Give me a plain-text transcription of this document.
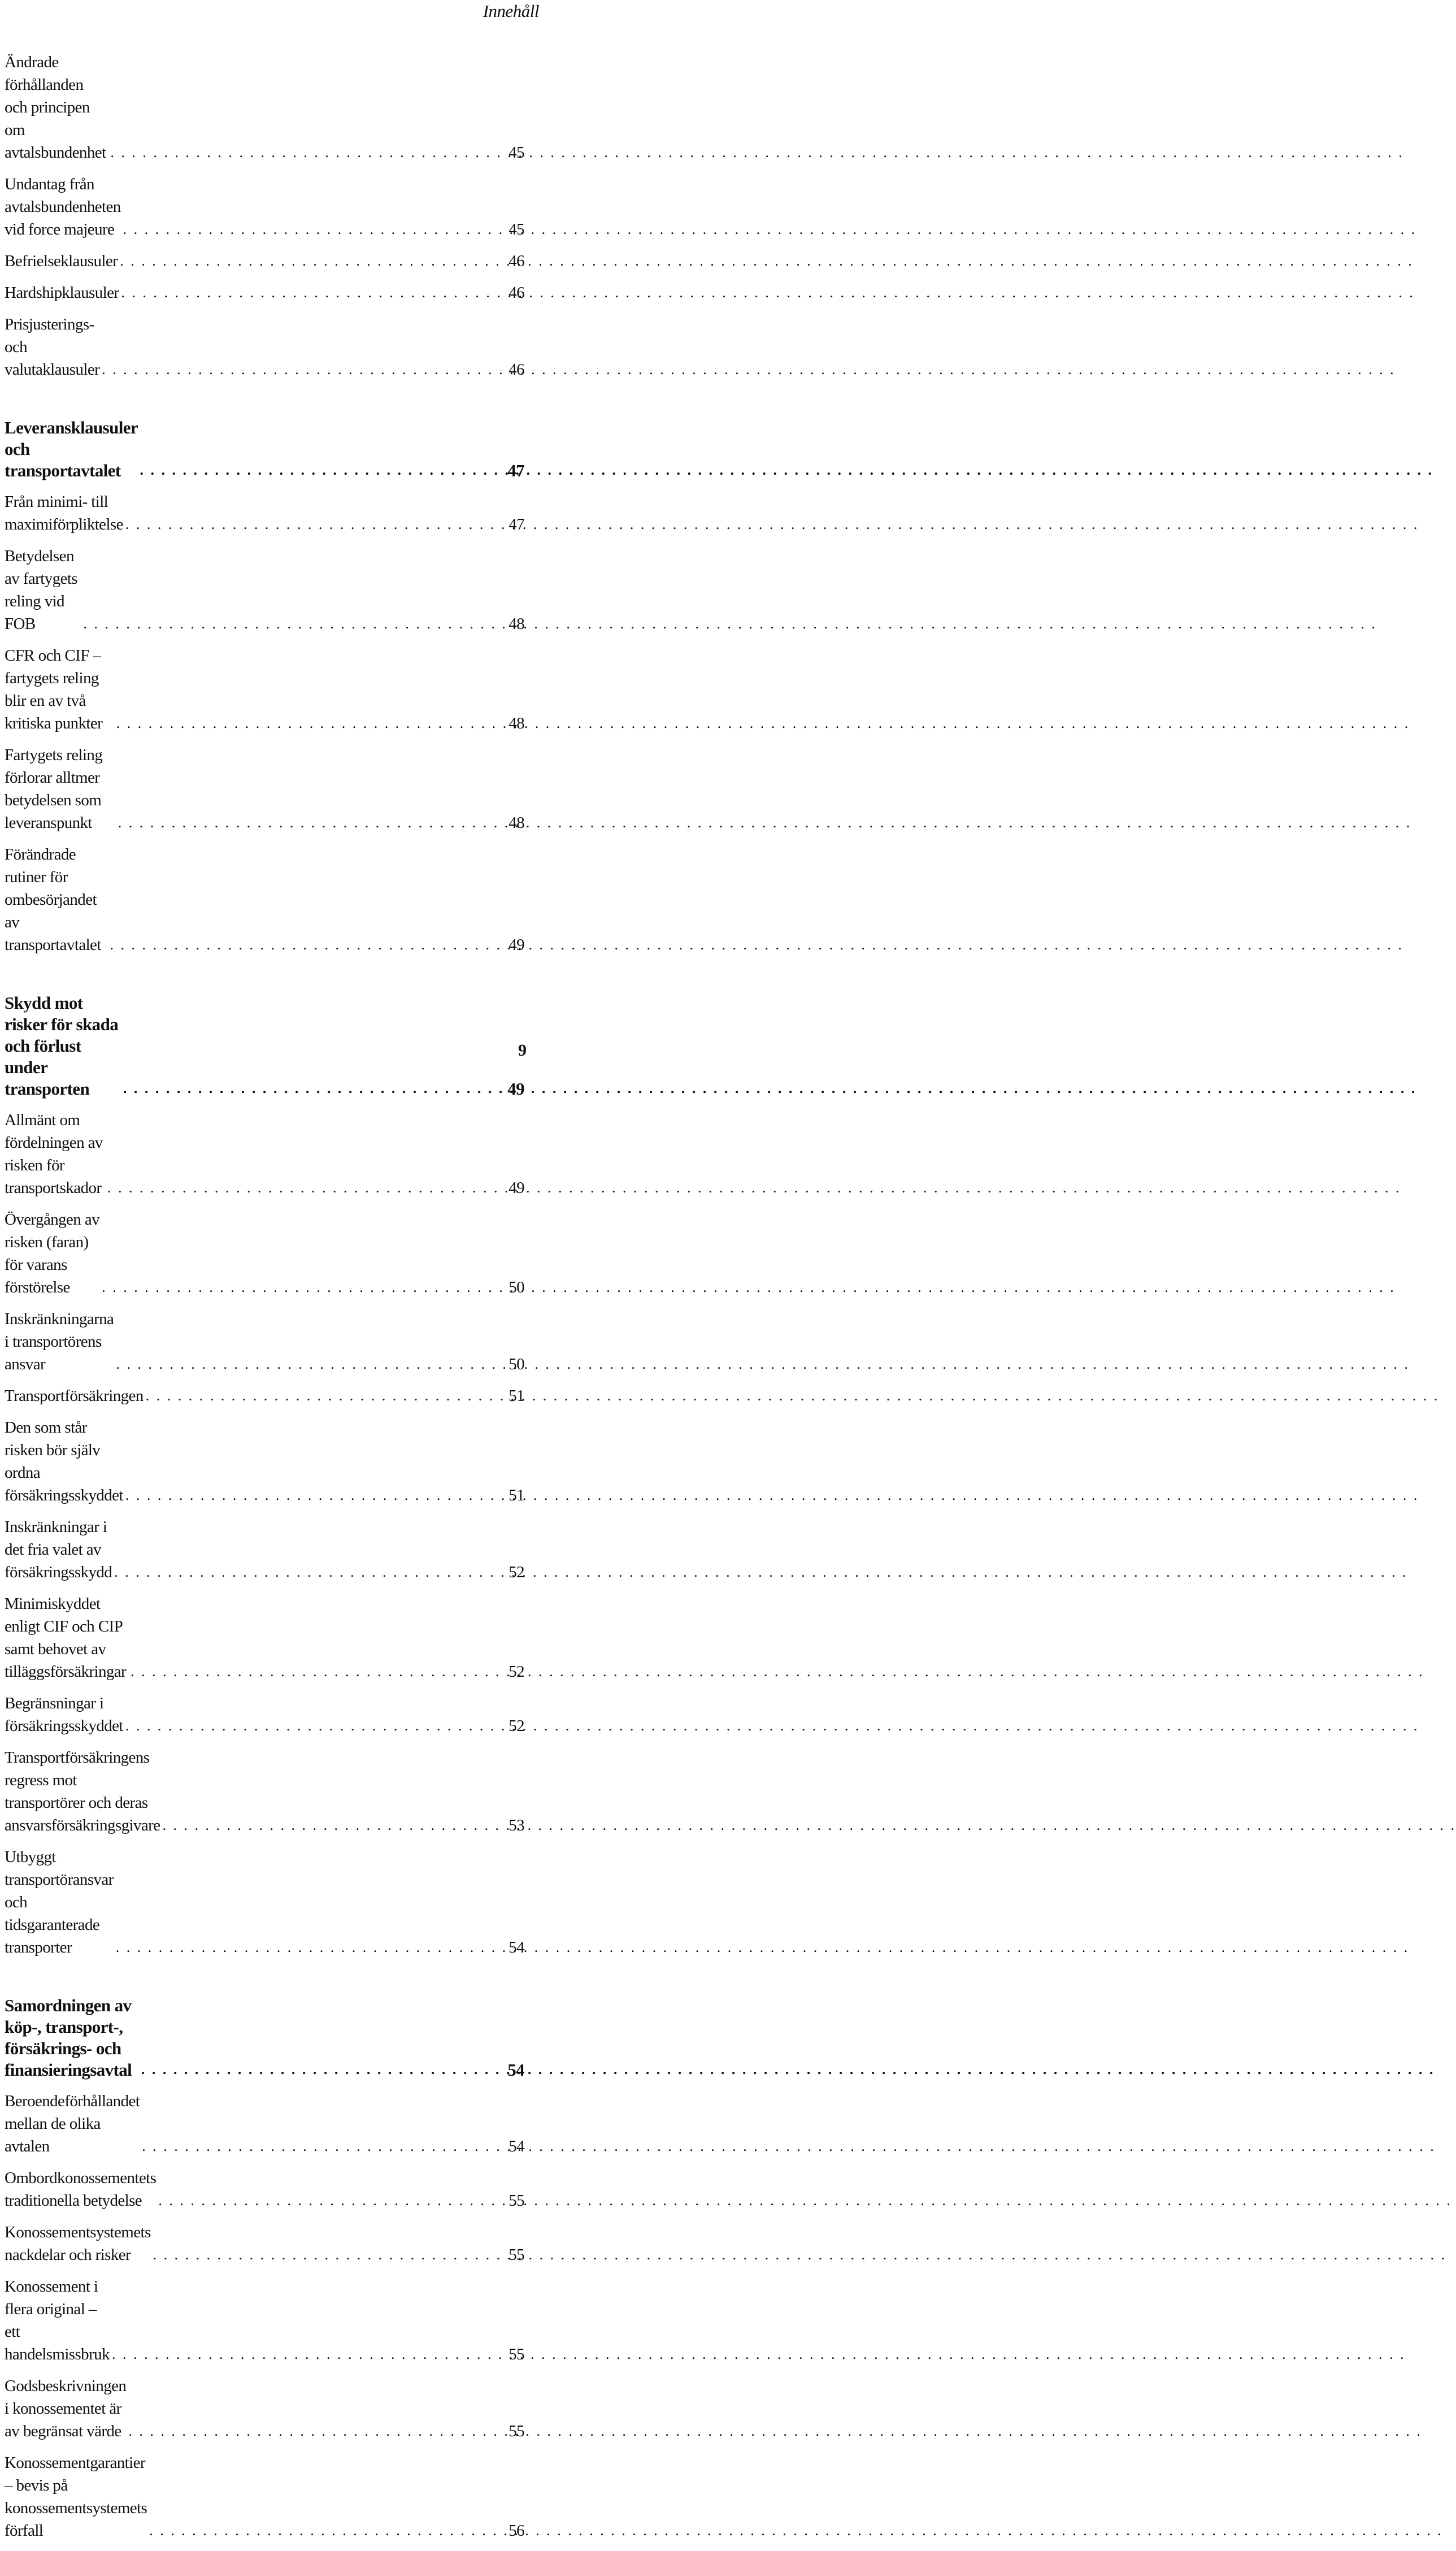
Innehåll
Ändrade förhållanden och principen om avtalsbundenhet . . .	45
Undantag från avtalsbundenheten vid force majeure . . .	45
Befrielseklausuler . . .	46
Hardshipklausuler . . .	46
Prisjusterings- och valutaklausuler . . .	46
Leveransklausuler och transportavtalet . . .	47
Från minimi- till maximiförpliktelse . . .	47
Betydelsen av fartygets reling vid FOB . . .	48
CFR och CIF – fartygets reling blir en av två kritiska punkter . . .	48
Fartygets reling förlorar alltmer betydelsen som leveranspunkt . . .	48
Förändrade rutiner för ombesörjandet av transportavtalet . . .	49
Skydd mot risker för skada och förlust under transporten . . .	49
Allmänt om fördelningen av risken för transportskador . . .	49
Övergången av risken (faran) för varans förstörelse . . .	50
Inskränkningarna i transportörens ansvar . . .	50
Transportförsäkringen . . .	51
Den som står risken bör själv ordna försäkringsskyddet . . .	51
Inskränkningar i det fria valet av försäkringsskydd . . .	52
Minimiskyddet enligt CIF och CIP samt behovet av tilläggsförsäkringar . . .	52
Begränsningar i försäkringsskyddet . . .	52
Transportförsäkringens regress mot transportörer och deras ansvarsförsäkringsgivare . . .	53
Utbyggt transportöransvar och tidsgaranterade transporter . . .	54
Samordningen av köp-, transport-, försäkrings- och finansieringsavtal . . .	54
Beroendeförhållandet mellan de olika avtalen . . .	54
Ombordkonossementets traditionella betydelse . . .	55
Konossementsystemets nackdelar och risker . . .	55
Konossement i flera original – ett handelsmissbruk . . .	55
Godsbeskrivningen i konossementet är av begränsat värde . . .	55
Konossementgarantier – bevis på konossementsystemets förfall . . .	56
9
